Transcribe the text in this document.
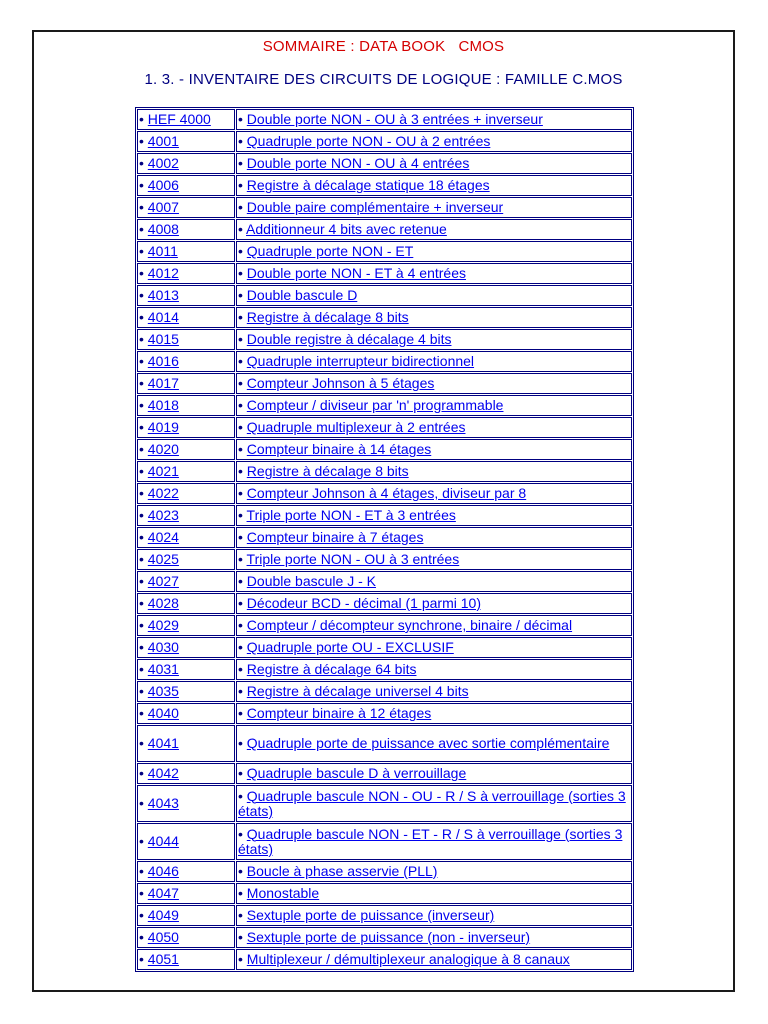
SOMMAIRE : DATA BOOK   CMOS
1. 3. - INVENTAIRE DES CIRCUITS DE LOGIQUE : FAMILLE C.MOS
• HEF 4000	• Double porte NON - OU à 3 entrées + inverseur
• 4001	• Quadruple porte NON - OU à 2 entrées
• 4002	• Double porte NON - OU à 4 entrées
• 4006	• Registre à décalage statique 18 étages
• 4007	• Double paire complémentaire + inverseur
• 4008	• Additionneur 4 bits avec retenue
• 4011	• Quadruple porte NON - ET
• 4012	• Double porte NON - ET à 4 entrées
• 4013	• Double bascule D
• 4014	• Registre à décalage 8 bits
• 4015	• Double registre à décalage 4 bits
• 4016	• Quadruple interrupteur bidirectionnel
• 4017	• Compteur Johnson à 5 étages
• 4018	• Compteur / diviseur par 'n' programmable
• 4019	• Quadruple multiplexeur à 2 entrées
• 4020	• Compteur binaire à 14 étages
• 4021	• Registre à décalage 8 bits
• 4022	• Compteur Johnson à 4 étages, diviseur par 8
• 4023	• Triple porte NON - ET à 3 entrées
• 4024	• Compteur binaire à 7 étages
• 4025	• Triple porte NON - OU à 3 entrées
• 4027	• Double bascule J - K
• 4028	• Décodeur BCD - décimal (1 parmi 10)
• 4029	• Compteur / décompteur synchrone, binaire / décimal
• 4030	• Quadruple porte OU - EXCLUSIF
• 4031	• Registre à décalage 64 bits
• 4035	• Registre à décalage universel 4 bits
• 4040	• Compteur binaire à 12 étages
• 4041	• Quadruple porte de puissance avec sortie complémentaire
• 4042	• Quadruple bascule D à verrouillage
• 4043	• Quadruple bascule NON - OU - R / S à verrouillage (sorties 3 états)
• 4044	• Quadruple bascule NON - ET - R / S à verrouillage (sorties 3 états)
• 4046	• Boucle à phase asservie (PLL)
• 4047	• Monostable
• 4049	• Sextuple porte de puissance (inverseur)
• 4050	• Sextuple porte de puissance (non - inverseur)
• 4051	• Multiplexeur / démultiplexeur analogique à 8 canaux
